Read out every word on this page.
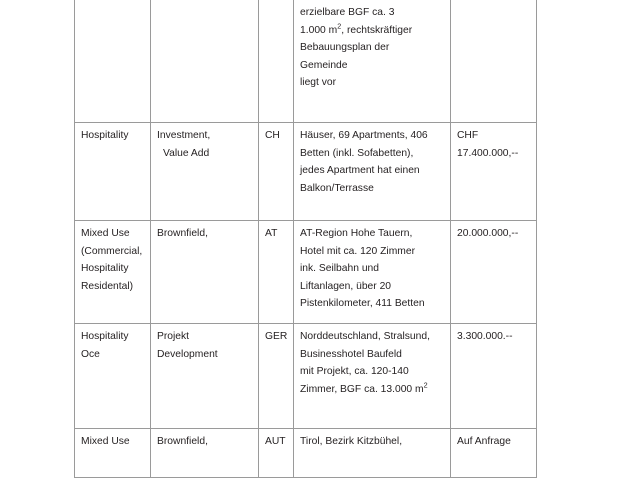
			erzielbare BGF ca. 3
1.000 $m^2$, rechtskräftiger
Bebauungsplan der
Gemeinde
liegt vor	

Hospitality	Investment,
Value Add	CH	Häuser, 69 Apartments, 406
Betten (inkl. Sofabetten),
jedes Apartment hat einen
Balkon/Terrasse	CHF
17.400.000,--

Mixed Use
(Commercial,
Hospitality
Residental)	Brownfield,	AT	AT-Region Hohe Tauern,
Hotel mit ca. 120 Zimmer
ink. Seilbahn und
Liftanlagen, über 20
Pistenkilometer, 411 Betten	20.000.000,--

Hospitality
Oce	Projekt
Development	GER	Norddeutschland, Stralsund,
Businesshotel Baufeld
mit Projekt, ca. 120-140
Zimmer, BGF ca. 13.000 $m^2$	3.300.000.--

Mixed Use	Brownfield,	AUT	Tirol, Bezirk Kitzbühel,	Auf Anfrage
